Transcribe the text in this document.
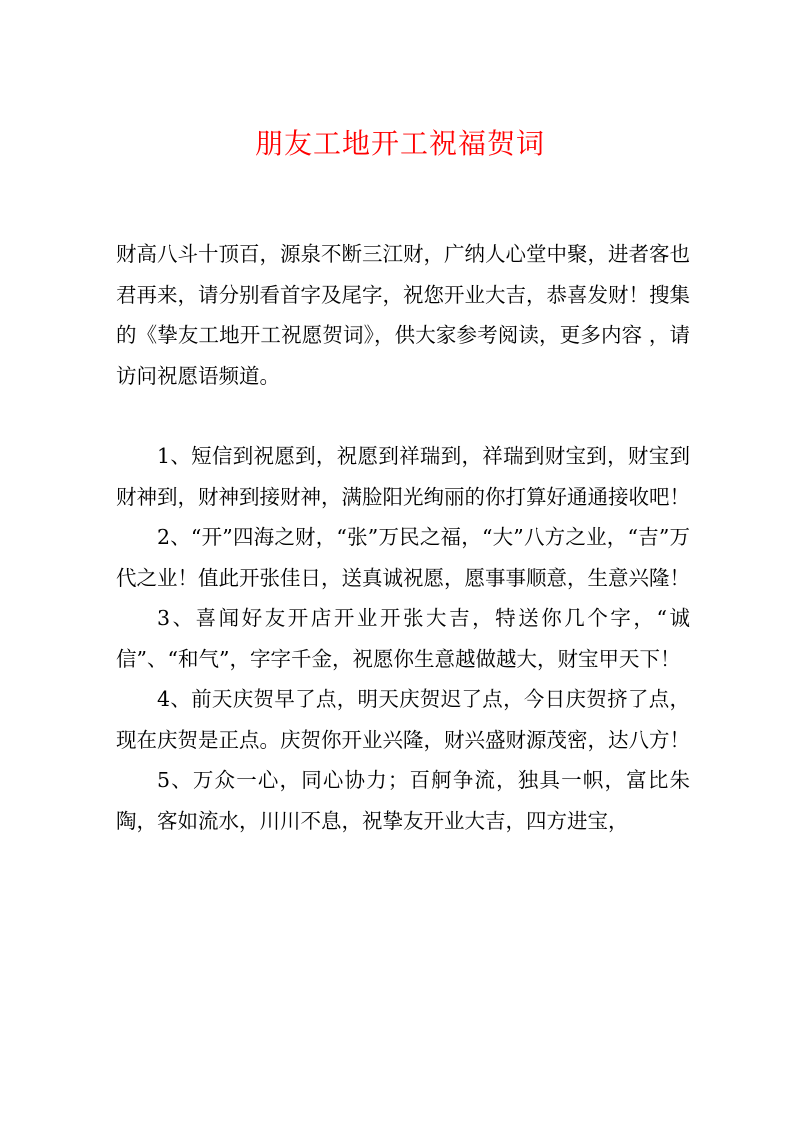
朋友工地开工祝福贺词

财高八斗十顶百，源泉不断三江财，广纳人心堂中聚，进者客也君再来，请分别看首字及尾字，祝您开业大吉，恭喜发财！搜集的《挚友工地开工祝愿贺词》，供大家参考阅读，更多内容 ，请访问祝愿语频道。

1、短信到祝愿到，祝愿到祥瑞到，祥瑞到财宝到，财宝到财神到，财神到接财神，满脸阳光绚丽的你打算好通通接收吧！

2、“开”四海之财，“张”万民之福，“大”八方之业，“吉”万代之业！值此开张佳日，送真诚祝愿，愿事事顺意，生意兴隆！

3、喜闻好友开店开业开张大吉，特送你几个字，“诚信”、“和气”，字字千金，祝愿你生意越做越大，财宝甲天下！

4、前天庆贺早了点，明天庆贺迟了点，今日庆贺挤了点，现在庆贺是正点。庆贺你开业兴隆，财兴盛财源茂密，达八方！

5、万众一心，同心协力；百舸争流，独具一帜，富比朱陶，客如流水，川川不息，祝挚友开业大吉，四方进宝，
